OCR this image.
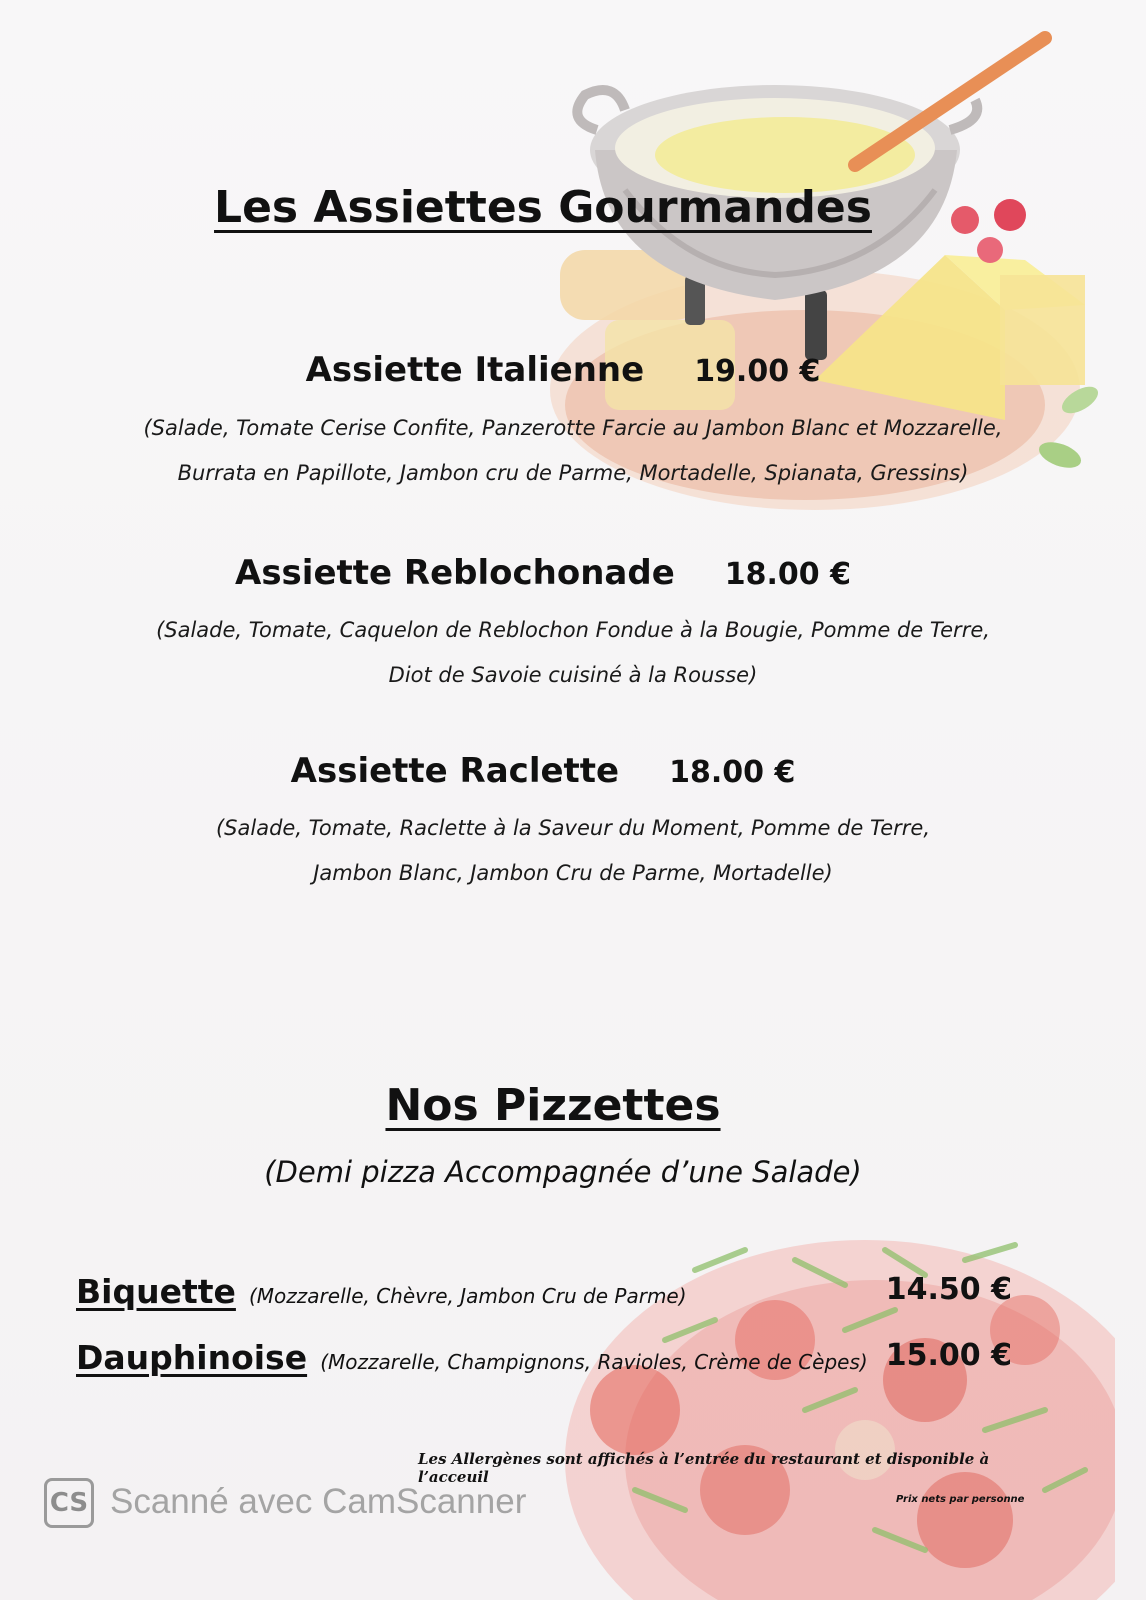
Les Assiettes Gourmandes
Assiette Italienne 19.00 €
(Salade, Tomate Cerise Confite, Panzerotte Farcie au Jambon Blanc et Mozzarelle,
Burrata en Papillote, Jambon cru de Parme, Mortadelle, Spianata, Gressins)
Assiette Reblochonade 18.00 €
(Salade, Tomate, Caquelon de Reblochon Fondue à la Bougie, Pomme de Terre,
Diot de Savoie cuisiné à la Rousse)
Assiette Raclette 18.00 €
(Salade, Tomate, Raclette à la Saveur du Moment, Pomme de Terre,
Jambon Blanc, Jambon Cru de Parme, Mortadelle)
Nos Pizzettes
(Demi pizza Accompagnée d’une Salade)
Biquette (Mozzarelle, Chèvre, Jambon Cru de Parme)	14.50 €
Dauphinoise (Mozzarelle, Champignons, Ravioles, Crème de Cèpes) 15.00 €
Les Allergènes sont affichés à l’entrée du restaurant et disponible à l’acceuil
Prix nets par personne
CS Scanné avec CamScanner
